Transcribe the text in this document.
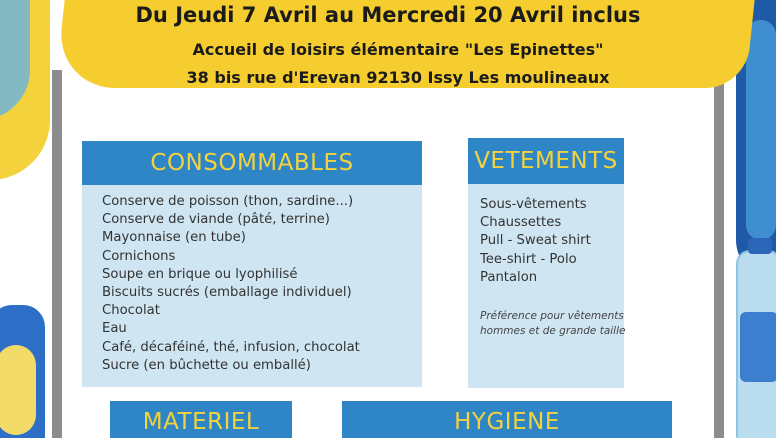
Du Jeudi 7 Avril au Mercredi 20 Avril inclus
Accueil de loisirs élémentaire "Les Epinettes"
38 bis rue d'Erevan 92130 Issy Les moulineaux
CONSOMMABLES
Conserve de poisson (thon, sardine...)
Conserve de viande (pâté, terrine)
Mayonnaise (en tube)
Cornichons
Soupe en brique ou lyophilisé
Biscuits sucrés (emballage individuel)
Chocolat
Eau
Café, décaféiné, thé, infusion, chocolat
Sucre (en bûchette ou emballé)
VETEMENTS
Sous-vêtements
Chaussettes
Pull - Sweat shirt
Tee-shirt - Polo
Pantalon
Préférence pour vêtements
hommes et de grande taille
MATERIEL	HYGIENE
